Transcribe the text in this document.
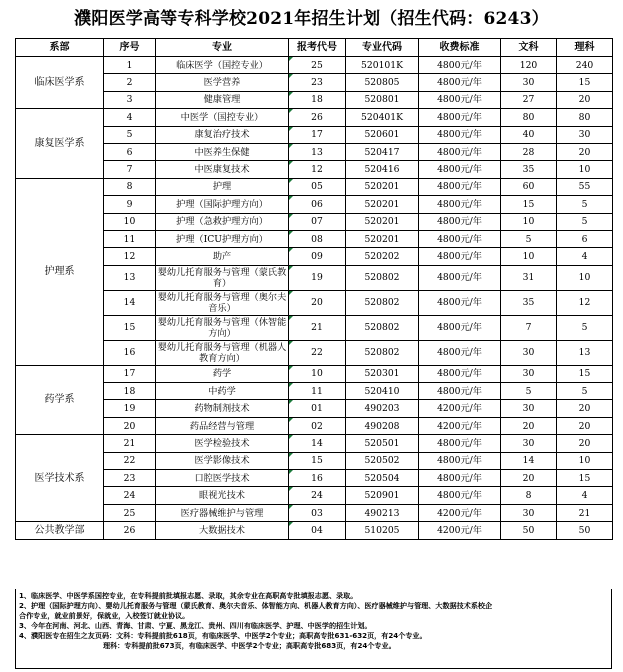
濮阳医学高等专科学校2021年招生计划（招生代码：6243）
系部	序号	专业	报考代号	专业代码	收费标准	文科	理科
临床医学系	1	临床医学（国控专业）	25	520101K	4800元/年	120	240
	2	医学营养	23	520805	4800元/年	30	15
	3	健康管理	18	520801	4800元/年	27	20
康复医学系	4	中医学（国控专业）	26	520401K	4800元/年	80	80
	5	康复治疗技术	17	520601	4800元/年	40	30
	6	中医养生保健	13	520417	4800元/年	28	20
	7	中医康复技术	12	520416	4800元/年	35	10
护理系	8	护理	05	520201	4800元/年	60	55
	9	护理（国际护理方向）	06	520201	4800元/年	15	5
	10	护理（急救护理方向）	07	520201	4800元/年	10	5
	11	护理（ICU护理方向）	08	520201	4800元/年	5	6
	12	助产	09	520202	4800元/年	10	4
	13	婴幼儿托育服务与管理（蒙氏教育）	19	520802	4800元/年	31	10
	14	婴幼儿托育服务与管理（奥尔夫音乐）	20	520802	4800元/年	35	12
	15	婴幼儿托育服务与管理（休智能方向）	21	520802	4800元/年	7	5
	16	婴幼儿托育服务与管理（机器人教育方向）	22	520802	4800元/年	30	13
药学系	17	药学	10	520301	4800元/年	30	15
	18	中药学	11	520410	4800元/年	5	5
	19	药物制剂技术	01	490203	4200元/年	30	20
	20	药品经营与管理	02	490208	4200元/年	20	20
医学技术系	21	医学检验技术	14	520501	4800元/年	30	20
	22	医学影像技术	15	520502	4800元/年	14	10
	23	口腔医学技术	16	520504	4800元/年	20	15
	24	眼视光技术	24	520901	4800元/年	8	4
	25	医疗器械维护与管理	03	490213	4200元/年	30	21
公共教学部	26	大数据技术	04	510205	4200元/年	50	50
1、临床医学、中医学系国控专业，在专科提前批填报志愿、录取，其余专业在高职高专批填报志愿、录取。
2、护理（国际护理方向）、婴幼儿托育服务与管理（蒙氏教育、奥尔夫音乐、体智能方向、机器人教育方向）、医疗器械维护与管理、大数据技术系校企
合作专业，就业前景好，保就业，入校签订就业协议。
3、今年在河南、河北、山西、青海、甘肃、宁夏、黑龙江、贵州、四川有临床医学、护理、中医学的招生计划。
4、濮阳医专在招生之友页码：文科：专科提前批618页，有临床医学、中医学2个专业；高职高专批631-632页，有24个专业。
理科：专科提前批673页，有临床医学、中医学2个专业；高职高专批683页，有24个专业。
